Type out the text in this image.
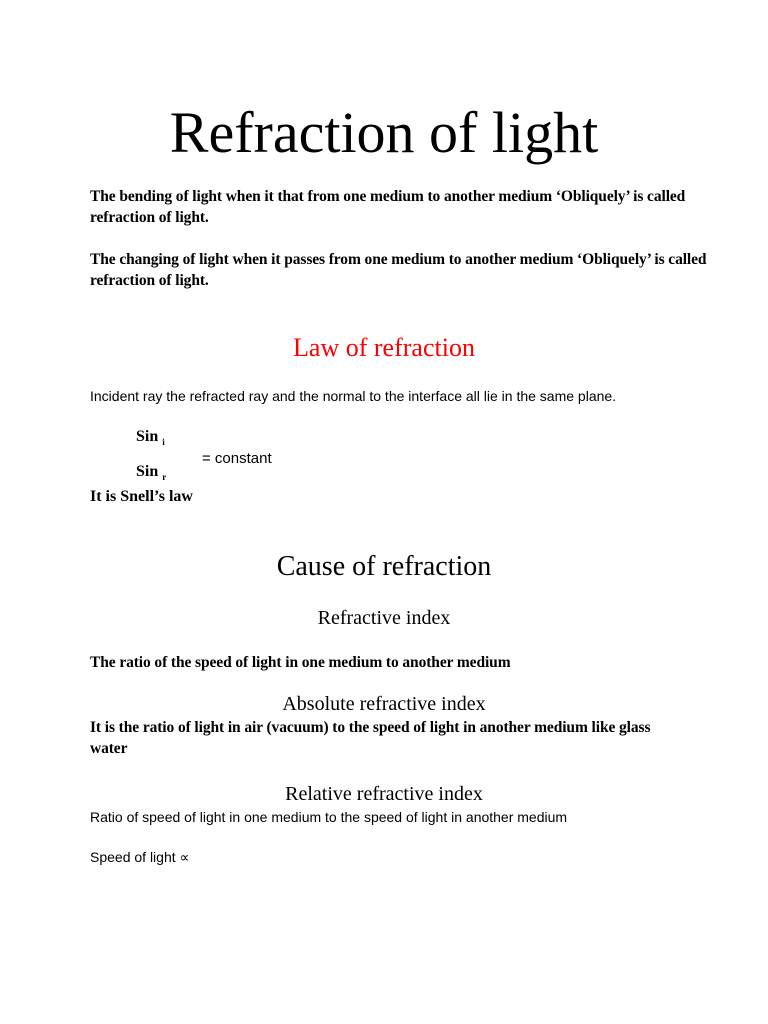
Refraction of light

The bending of light when it that from one medium to another medium ‘Obliquely’ is called refraction of light.

The changing of light when it passes from one medium to another medium ‘Obliquely’ is called refraction of light.

Law of refraction

Incident ray the refracted ray and the normal to the interface all lie in the same plane.

Sin $_i$
Sin $_r$
= constant

It is Snell’s law

Cause of refraction
Refractive index

The ratio of the speed of light in one medium to another medium

Absolute refractive index

It is the ratio of light in air (vacuum) to the speed of light in another medium like glass water

Relative refractive index

Ratio of speed of light in one medium to the speed of light in another medium

Speed of light ∝
